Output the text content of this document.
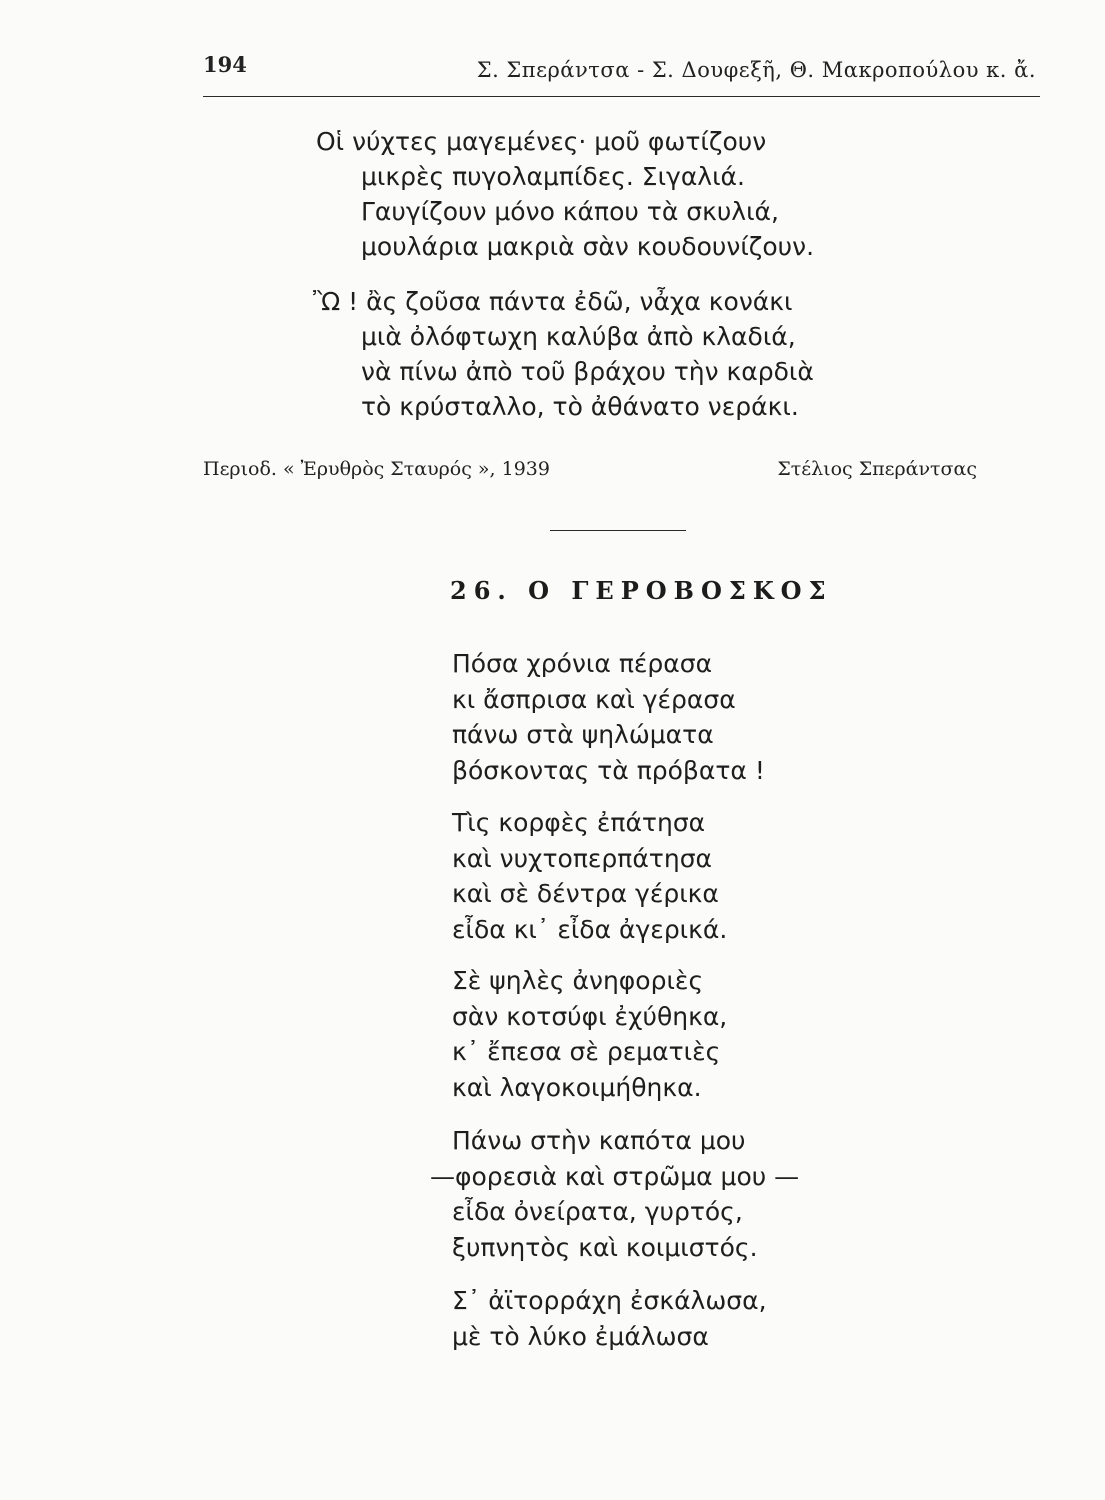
194	Σ. Σπεράντσα - Σ. Δουφεξῆ, Θ. Μακροπούλου κ. ἄ.
Οἱ νύχτες μαγεμένες· μοῦ φωτίζουν
μικρὲς πυγολαμπίδες. Σιγαλιά.
Γαυγίζουν μόνο κάπου τὰ σκυλιά,
μουλάρια μακριὰ σὰν κουδουνίζουν.
Ὢ ! ἂς ζοῦσα πάντα ἐδῶ, νἆχα κονάκι
μιὰ ὀλόφτωχη καλύβα ἀπὸ κλαδιά,
νὰ πίνω ἀπὸ τοῦ βράχου τὴν καρδιὰ
τὸ κρύσταλλο, τὸ ἀθάνατο νεράκι.
Περιοδ. « Ἐρυθρὸς Σταυρός », 1939	Στέλιος Σπεράντσας
26. Ο ΓΕΡΟΒΟΣΚΟΣ
Πόσα χρόνια πέρασα
κι ἄσπρισα καὶ γέρασα
πάνω στὰ ψηλώματα
βόσκοντας τὰ πρόβατα !
Τὶς κορφὲς ἐπάτησα
καὶ νυχτοπερπάτησα
καὶ σὲ δέντρα γέρικα
εἶδα κι᾿ εἶδα ἀγερικά.
Σὲ ψηλὲς ἀνηφοριὲς
σὰν κοτσύφι ἐχύθηκα,
κ᾿ ἔπεσα σὲ ρεματιὲς
καὶ λαγοκοιμήθηκα.
Πάνω στὴν καπότα μου
—φορεσιὰ καὶ στρῶμα μου —
εἶδα ὀνείρατα, γυρτός,
ξυπνητὸς καὶ κοιμιστός.
Σ᾿ ἀϊτορράχη ἐσκάλωσα,
μὲ τὸ λύκο ἐμάλωσα
